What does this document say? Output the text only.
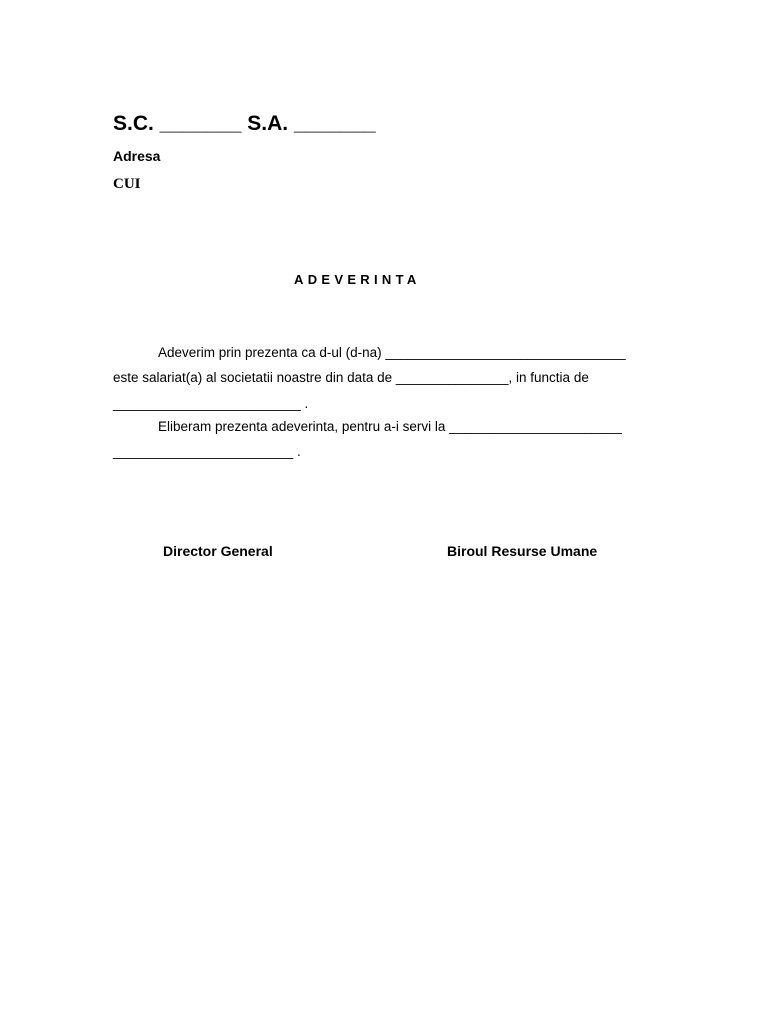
S.C. _______ S.A. _______
Adresa
CUI
ADEVERINTA
Adeverim prin prezenta ca d-ul (d-na) ________________________________
este salariat(a) al societatii noastre din data de _______________, in functia de
_________________________ .
Eliberam prezenta adeverinta, pentru a-i servi la _______________________
________________________ .
Director General	Biroul Resurse Umane
